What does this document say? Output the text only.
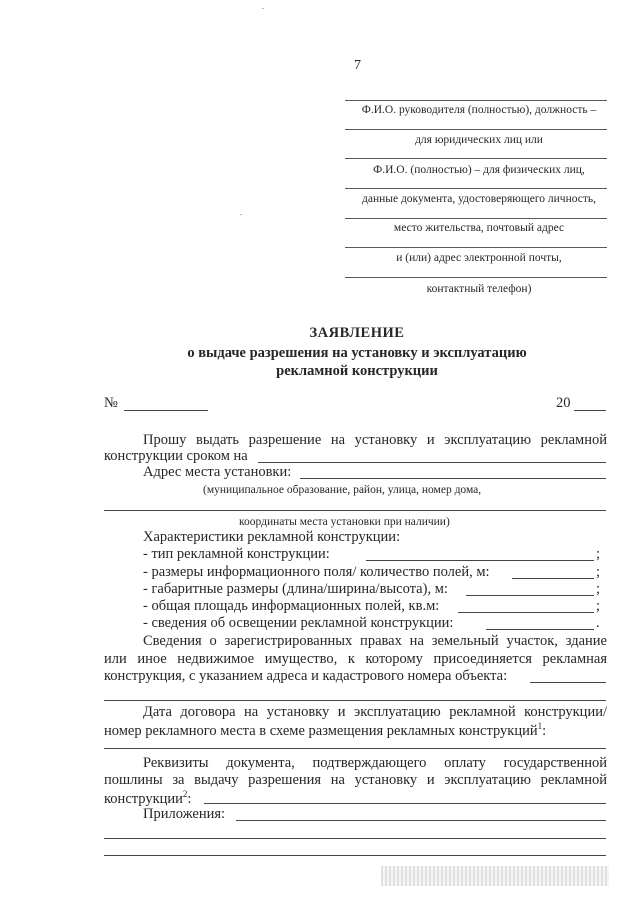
7
Ф.И.О. руководителя (полностью), должность –
для юридических лиц или
Ф.И.О. (полностью) – для физических лиц,
данные документа, удостоверяющего личность,
место жительства, почтовый адрес
и (или) адрес электронной почты,
контактный телефон)
ЗАЯВЛЕНИЕ
о выдаче разрешения на установку и эксплуатацию
рекламной конструкции
№	20
Прошу выдать разрешение на установку и эксплуатацию рекламной
конструкции сроком на
Адрес места установки:
(муниципальное образование, район, улица, номер дома,
координаты места установки при наличии)
Характеристики рекламной конструкции:
- тип рекламной конструкции:	;
- размеры информационного поля/ количество полей, м:	;
- габаритные размеры (длина/ширина/высота), м:	;
- общая площадь информационных полей, кв.м:	;
- сведения об освещении рекламной конструкции:	.
Сведения о зарегистрированных правах на земельный участок, здание
или иное недвижимое имущество, к которому присоединяется рекламная
конструкция, с указанием адреса и кадастрового номера объекта:
Дата договора на установку и эксплуатацию рекламной конструкции/
номер рекламного места в схеме размещения рекламных конструкций$^1$:
Реквизиты документа, подтверждающего оплату государственной
пошлины за выдачу разрешения на установку и эксплуатацию рекламной
конструкции$^2$:
Приложения:
